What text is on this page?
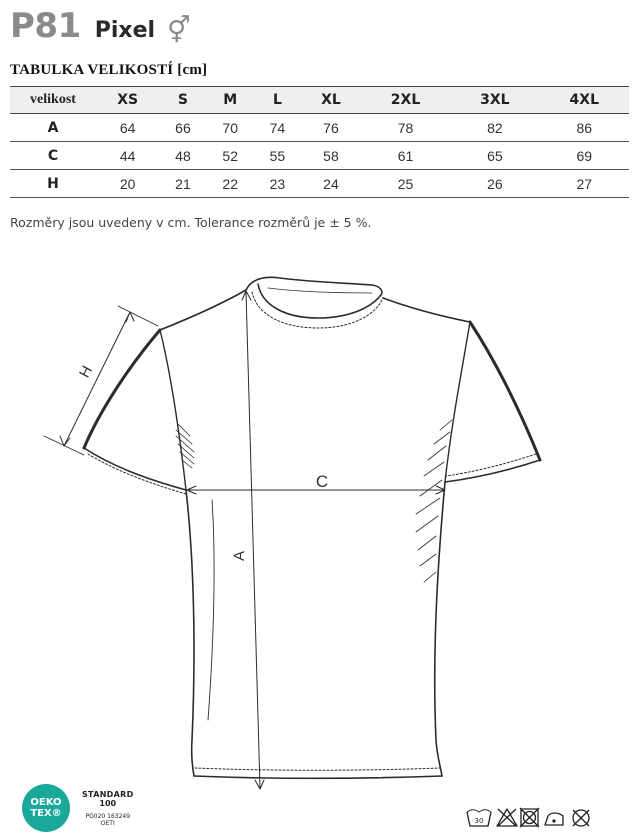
P81 Pixel ⚥
TABULKA VELIKOSTÍ [cm]
velikost	XS	S	M	L	XL	2XL	3XL	4XL
A	64	66	70	74	76	78	82	86
C	44	48	52	55	58	61	65	69
H	20	21	22	23	24	25	26	27
Rozměry jsou uvedeny v cm. Tolerance rozměrů je ± 5 %.
A
C
H
OEKO
TEX®
STANDARD
100
PG020 163249
OETI	30
